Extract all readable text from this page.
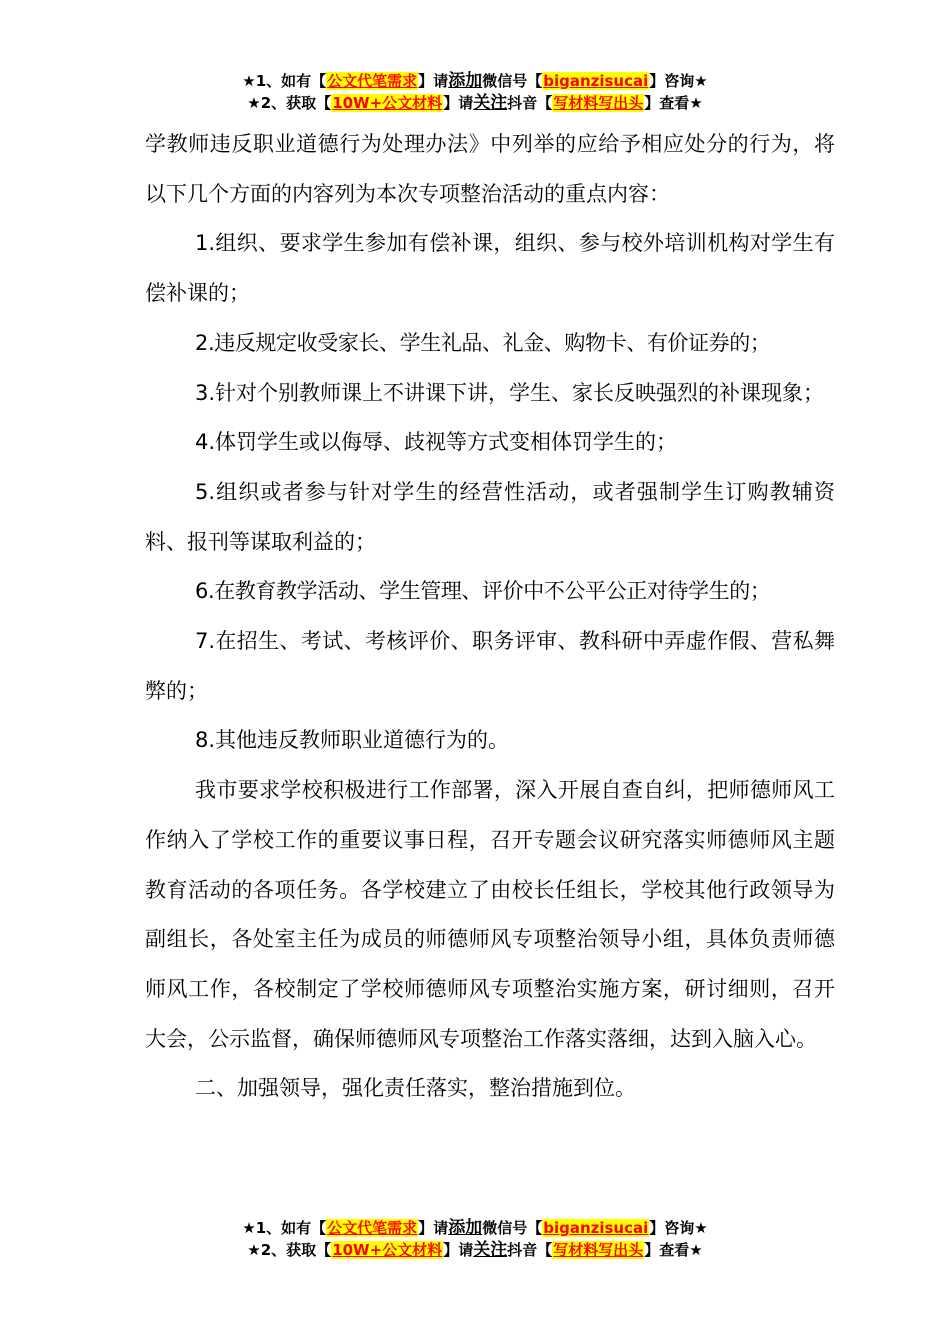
★1、如有【公文代笔需求】请添加微信号【biganzisucai】咨询★
★2、获取【10W+公文材料】请关注抖音【写材料写出头】查看★

学教师违反职业道德行为处理办法》中列举的应给予相应处分的行为，将以下几个方面的内容列为本次专项整治活动的重点内容：

1.组织、要求学生参加有偿补课，组织、参与校外培训机构对学生有偿补课的；

2.违反规定收受家长、学生礼品、礼金、购物卡、有价证券的；

3.针对个别教师课上不讲课下讲，学生、家长反映强烈的补课现象；

4.体罚学生或以侮辱、歧视等方式变相体罚学生的；

5.组织或者参与针对学生的经营性活动，或者强制学生订购教辅资料、报刊等谋取利益的；

6.在教育教学活动、学生管理、评价中不公平公正对待学生的；

7.在招生、考试、考核评价、职务评审、教科研中弄虚作假、营私舞弊的；

8.其他违反教师职业道德行为的。

我市要求学校积极进行工作部署，深入开展自查自纠，把师德师风工作纳入了学校工作的重要议事日程，召开专题会议研究落实师德师风主题教育活动的各项任务。各学校建立了由校长任组长，学校其他行政领导为副组长，各处室主任为成员的师德师风专项整治领导小组，具体负责师德师风工作，各校制定了学校师德师风专项整治实施方案，研讨细则，召开大会，公示监督，确保师德师风专项整治工作落实落细，达到入脑入心。

二、加强领导，强化责任落实，整治措施到位。

★1、如有【公文代笔需求】请添加微信号【biganzisucai】咨询★
★2、获取【10W+公文材料】请关注抖音【写材料写出头】查看★
